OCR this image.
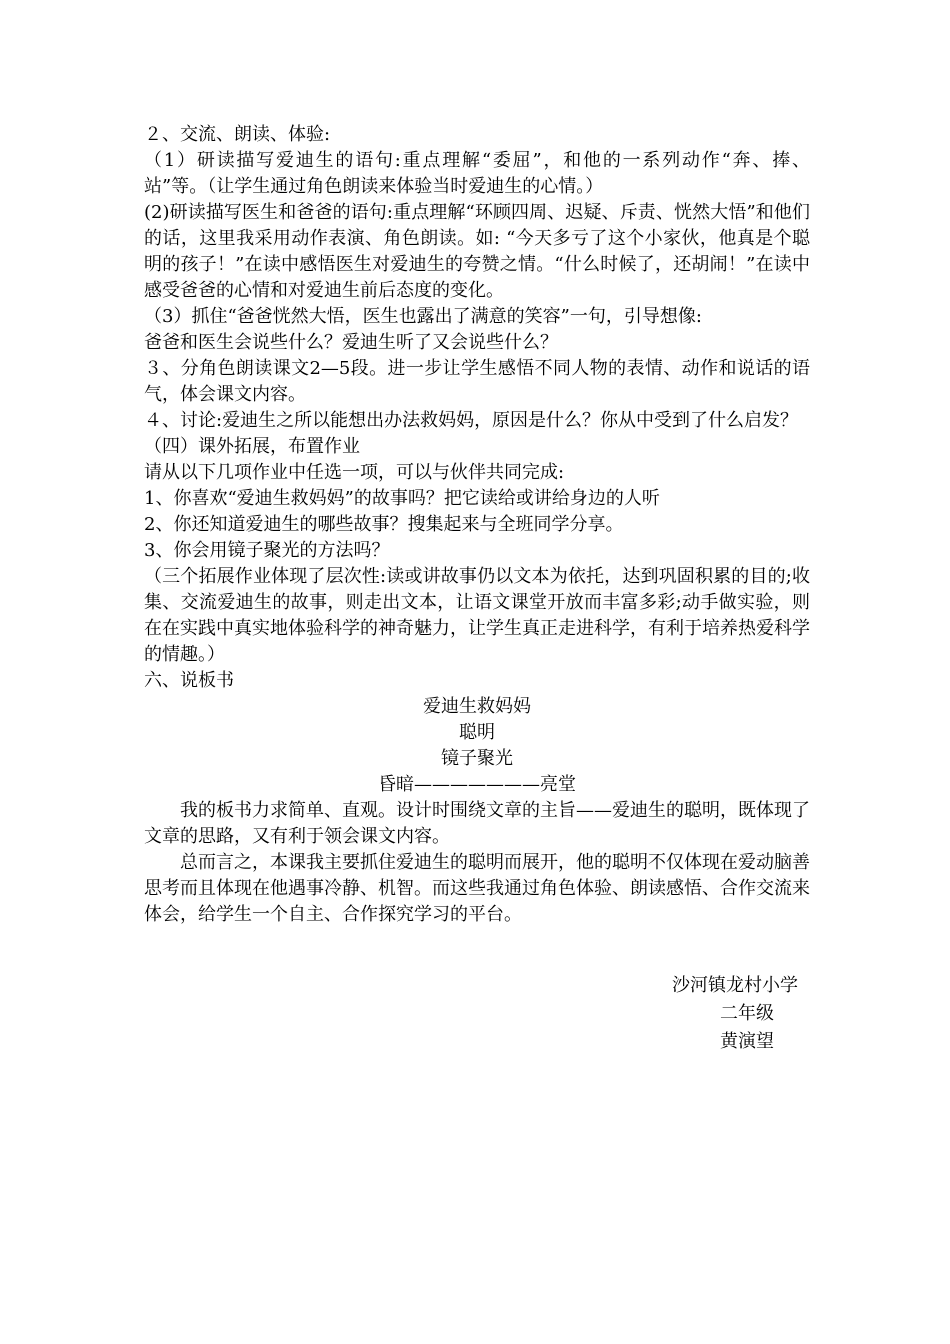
２、交流、朗读、体验:

（1）研读描写爱迪生的语句:重点理解“委屈”，和他的一系列动作“奔、捧、站”等。（让学生通过角色朗读来体验当时爱迪生的心情。）

(2)研读描写医生和爸爸的语句:重点理解“环顾四周、迟疑、斥责、恍然大悟”和他们的话，这里我采用动作表演、角色朗读。如: “今天多亏了这个小家伙，他真是个聪明的孩子！”在读中感悟医生对爱迪生的夸赞之情。“什么时候了，还胡闹！”在读中感受爸爸的心情和对爱迪生前后态度的变化。

（3）抓住“爸爸恍然大悟，医生也露出了满意的笑容”一句，引导想像:

爸爸和医生会说些什么？爱迪生听了又会说些什么？

３、分角色朗读课文2—5段。进一步让学生感悟不同人物的表情、动作和说话的语气，体会课文内容。

４、讨论:爱迪生之所以能想出办法救妈妈，原因是什么？你从中受到了什么启发？

（四）课外拓展，布置作业

请从以下几项作业中任选一项，可以与伙伴共同完成:

1、你喜欢“爱迪生救妈妈”的故事吗？把它读给或讲给身边的人听

2、你还知道爱迪生的哪些故事？搜集起来与全班同学分享。

3、你会用镜子聚光的方法吗？

（三个拓展作业体现了层次性:读或讲故事仍以文本为依托，达到巩固积累的目的;收集、交流爱迪生的故事，则走出文本，让语文课堂开放而丰富多彩;动手做实验，则在在实践中真实地体验科学的神奇魅力，让学生真正走进科学，有利于培养热爱科学的情趣。）

六、说板书

爱迪生救妈妈

聪明

镜子聚光

昏暗———————亮堂

我的板书力求简单、直观。设计时围绕文章的主旨——爱迪生的聪明，既体现了文章的思路，又有利于领会课文内容。

总而言之，本课我主要抓住爱迪生的聪明而展开，他的聪明不仅体现在爱动脑善思考而且体现在他遇事冷静、机智。而这些我通过角色体验、朗读感悟、合作交流来体会，给学生一个自主、合作探究学习的平台。

沙河镇龙村小学

二年级

黄演望
